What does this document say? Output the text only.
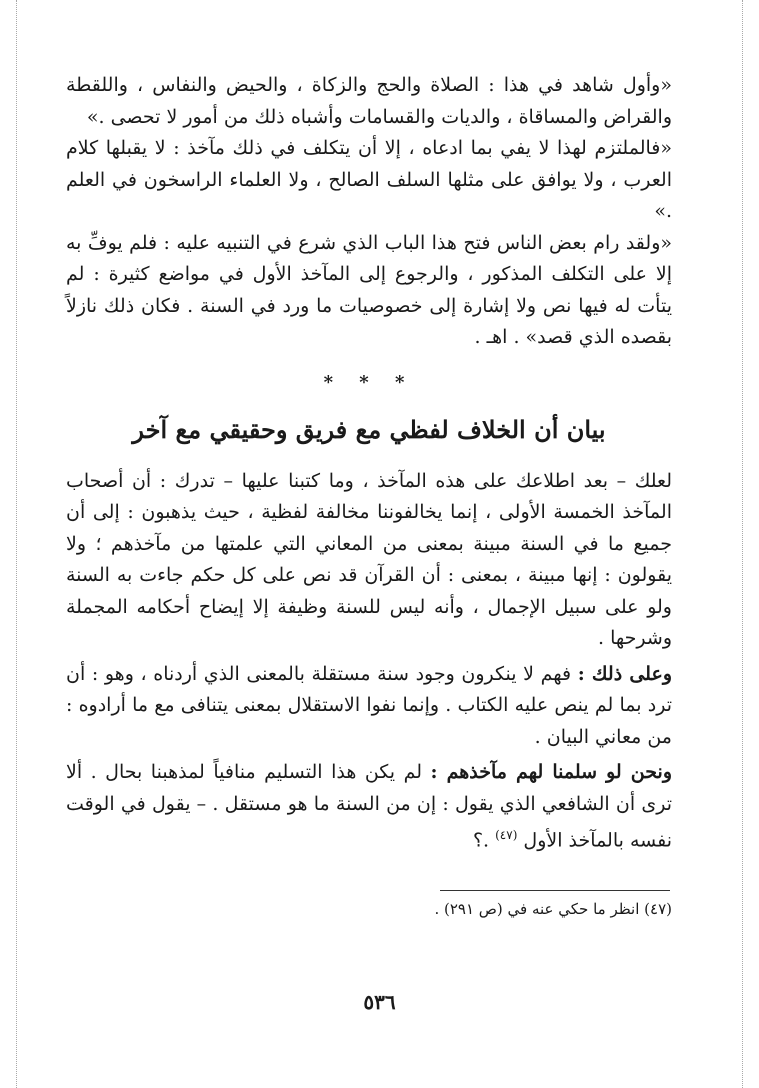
«وأول شاهد في هذا : الصلاة والحج والزكاة ، والحيض والنفاس ، واللقطة والقراض والمساقاة ، والديات والقسامات وأشباه ذلك من أمور لا تحصى .»

«فالملتزم لهذا لا يفي بما ادعاه ، إلا أن يتكلف في ذلك مآخذ : لا يقبلها كلام العرب ، ولا يوافق على مثلها السلف الصالح ، ولا العلماء الراسخون في العلم .»

«ولقد رام بعض الناس فتح هذا الباب الذي شرع في التنبيه عليه : فلم يوفِّ به إلا على التكلف المذكور ، والرجوع إلى المآخذ الأول في مواضع كثيرة : لم يتأت له فيها نص ولا إشارة إلى خصوصيات ما ورد في السنة . فكان ذلك نازلاً بقصده الذي قصد» . اهـ .

* * *
بيان أن الخلاف لفظي مع فريق وحقيقي مع آخر

لعلك – بعد اطلاعك على هذه المآخذ ، وما كتبنا عليها – تدرك : أن أصحاب المآخذ الخمسة الأولى ، إنما يخالفوننا مخالفة لفظية ، حيث يذهبون : إلى أن جميع ما في السنة مبينة بمعنى من المعاني التي علمتها من مآخذهم ؛ ولا يقولون : إنها مبينة ، بمعنى : أن القرآن قد نص على كل حكم جاءت به السنة ولو على سبيل الإجمال ، وأنه ليس للسنة وظيفة إلا إيضاح أحكامه المجملة وشرحها .

وعلى ذلك : فهم لا ينكرون وجود سنة مستقلة بالمعنى الذي أردناه ، وهو : أن ترد بما لم ينص عليه الكتاب . وإنما نفوا الاستقلال بمعنى يتنافى مع ما أرادوه : من معاني البيان .

ونحن لو سلمنا لهم مآخذهم : لم يكن هذا التسليم منافياً لمذهبنا بحال . ألا ترى أن الشافعي الذي يقول : إن من السنة ما هو مستقل . – يقول في الوقت نفسه بالمآخذ الأول $^{(٤٧)}$ .؟

(٤٧) انظر ما حكي عنه في (ص ٢٩١) .
٥٣٦
